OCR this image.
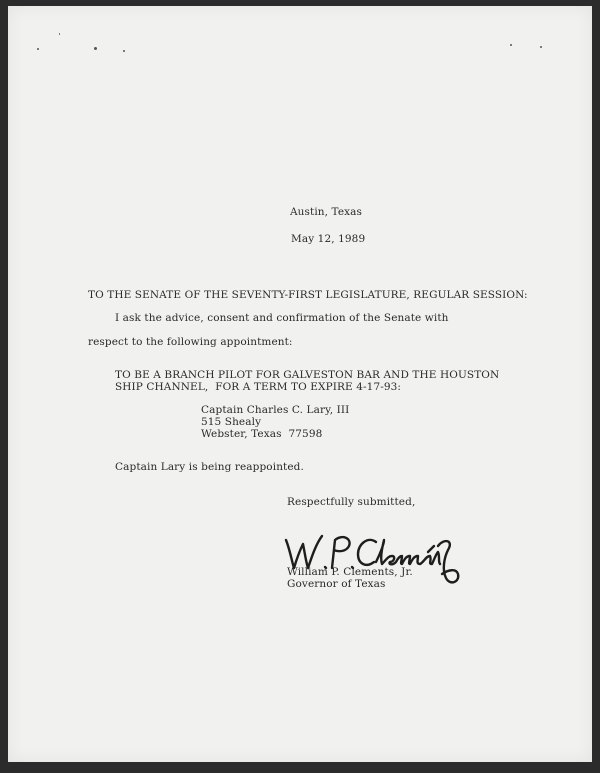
Austin, Texas
May 12, 1989
TO THE SENATE OF THE SEVENTY-FIRST LEGISLATURE, REGULAR SESSION:
I ask the advice, consent and confirmation of the Senate with
respect to the following appointment:
TO BE A BRANCH PILOT FOR GALVESTON BAR AND THE HOUSTON
SHIP CHANNEL,  FOR A TERM TO EXPIRE 4-17-93:
Captain Charles C. Lary, III
515 Shealy
Webster, Texas  77598
Captain Lary is being reappointed.
Respectfully submitted,
William P. Clements, Jr.
Governor of Texas
